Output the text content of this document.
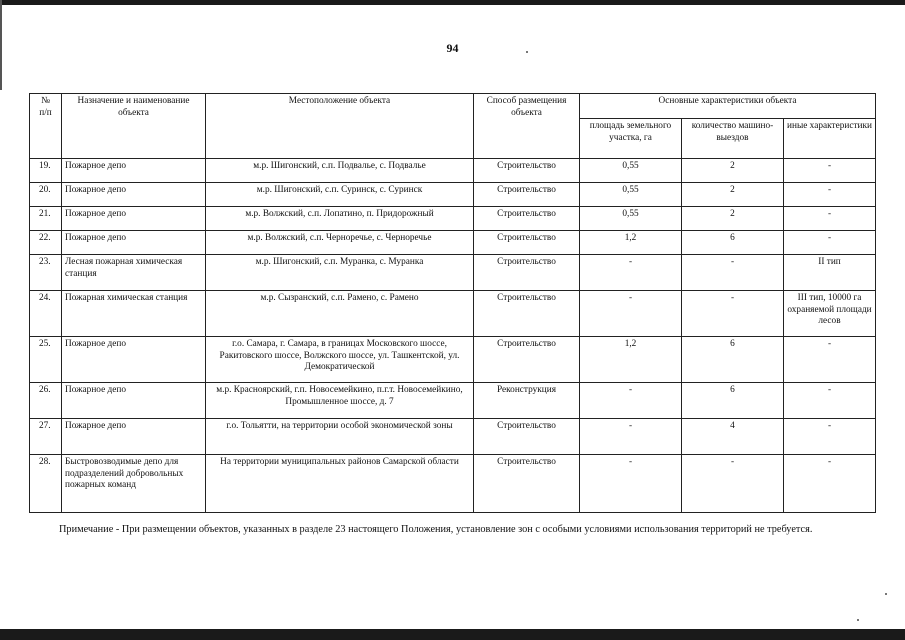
94
№
п/п	Назначение и наименование объекта	Местоположение объекта	Способ размещения объекта	Основные характеристики объекта		
				площадь земельного участка, га	количество машино-выездов	иные характеристики
19.	Пожарное депо	м.р. Шигонский, с.п. Подвалье, с. Подвалье	Строительство	0,55	2	-
20.	Пожарное депо	м.р. Шигонский, с.п. Суринск, с. Суринск	Строительство	0,55	2	-
21.	Пожарное депо	м.р. Волжский, с.п. Лопатино, п. Придорожный	Строительство	0,55	2	-
22.	Пожарное депо	м.р. Волжский, с.п. Черноречье, с. Черноречье	Строительство	1,2	6	-
23.	Лесная пожарная химическая станция	м.р. Шигонский, с.п. Муранка, с. Муранка	Строительство	-	-	II тип
24.	Пожарная химическая станция	м.р. Сызранский, с.п. Рамено, с. Рамено	Строительство	-	-	III тип, 10000 га охраняемой площади лесов
25.	Пожарное депо	г.о. Самара, г. Самара, в границах Московского шоссе, Ракитовского шоссе, Волжского шоссе, ул. Ташкентской, ул. Демократической	Строительство	1,2	6	-
26.	Пожарное депо	м.р. Красноярский, г.п. Новосемейкино, п.г.т. Новосемейкино, Промышленное шоссе, д. 7	Реконструкция	-	6	-
27.	Пожарное депо	г.о. Тольятти, на территории особой экономической зоны	Строительство	-	4	-
28.	Быстровозводимые депо для подразделений добровольных пожарных команд	На территории муниципальных районов Самарской области	Строительство	-	-	-

Примечание - При размещении объектов, указанных в разделе 23 настоящего Положения, установление зон с особыми условиями использования территорий не требуется.
